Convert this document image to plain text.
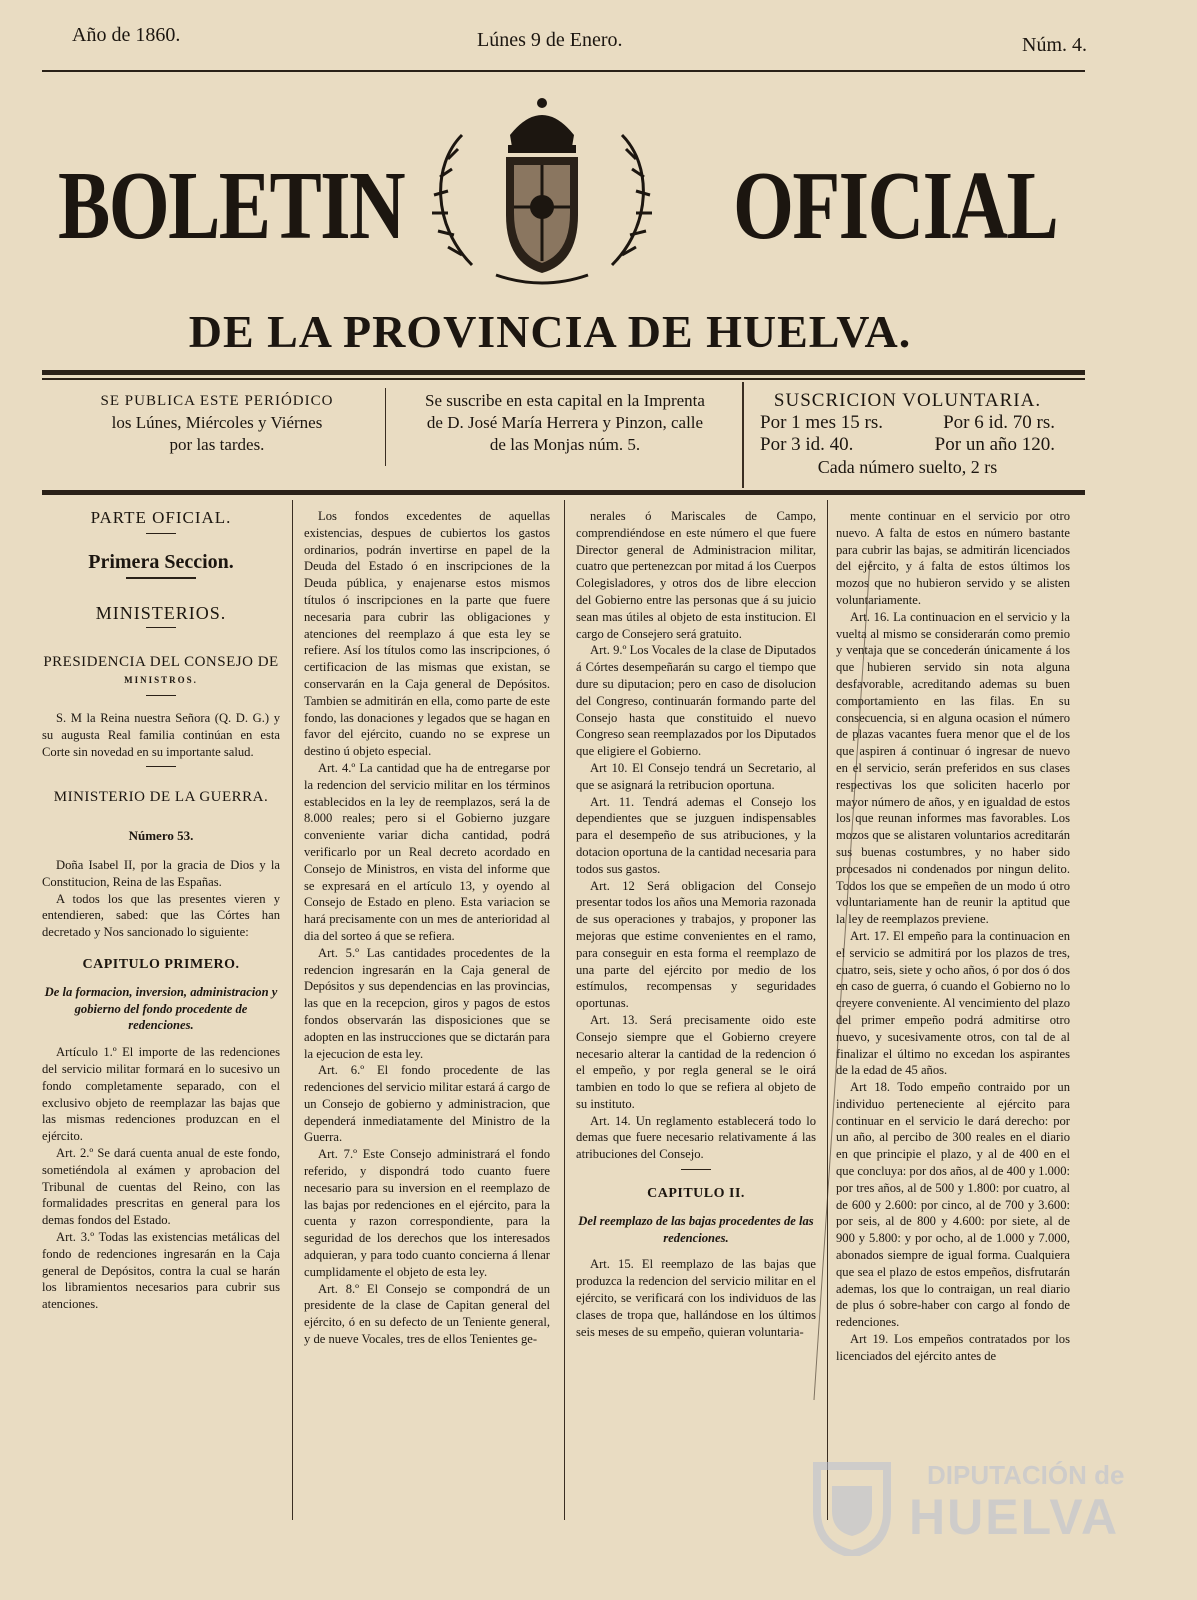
Año de 1860.	Lúnes 9 de Enero.	Núm. 4.
BOLETIN	OFICIAL
DE LA PROVINCIA DE HUELVA.
SE PUBLICA ESTE PERIÓDICO
los Lúnes, Miércoles y Viérnes
por las tardes.
Se suscribe en esta capital en la Imprenta
de D. José María Herrera y Pinzon, calle
de las Monjas núm. 5.
SUSCRICION VOLUNTARIA.
Por 1 mes 15 rs.	Por 6 id. 70 rs.
Por 3 id. 40.	Por un año 120.
Cada número suelto, 2 rs
PARTE OFICIAL.
Primera Seccion.
MINISTERIOS.
PRESIDENCIA DEL CONSEJO DE
MINISTROS.

S. M la Reina nuestra Señora (Q. D. G.) y su augusta Real familia continúan en esta Corte sin novedad en su importante salud.

MINISTERIO DE LA GUERRA.
Número 53.

Doña Isabel II, por la gracia de Dios y la Constitucion, Reina de las Españas.

A todos los que las presentes vieren y entendieren, sabed: que las Córtes han decretado y Nos sancionado lo siguiente:

CAPITULO PRIMERO.
De la formacion, inversion, administracion y gobierno del fondo procedente de redenciones.

Artículo 1.º El importe de las redenciones del servicio militar formará en lo sucesivo un fondo completamente separado, con el exclusivo objeto de reemplazar las bajas que las mismas redenciones produzcan en el ejército.

Art. 2.º Se dará cuenta anual de este fondo, sometiéndola al exámen y aprobacion del Tribunal de cuentas del Reino, con las formalidades prescritas en general para los demas fondos del Estado.

Art. 3.º Todas las existencias metálicas del fondo de redenciones ingresarán en la Caja general de Depósitos, contra la cual se harán los libramientos necesarios para cubrir sus atenciones.

Los fondos excedentes de aquellas existencias, despues de cubiertos los gastos ordinarios, podrán invertirse en papel de la Deuda del Estado ó en inscripciones de la Deuda pública, y enajenarse estos mismos títulos ó inscripciones en la parte que fuere necesaria para cubrir las obligaciones y atenciones del reemplazo á que esta ley se refiere. Así los títulos como las inscripciones, ó certificacion de las mismas que existan, se conservarán en la Caja general de Depósitos. Tambien se admitirán en ella, como parte de este fondo, las donaciones y legados que se hagan en favor del ejército, cuando no se exprese un destino ú objeto especial.

Art. 4.º La cantidad que ha de entregarse por la redencion del servicio militar en los términos establecidos en la ley de reemplazos, será la de 8.000 reales; pero si el Gobierno juzgare conveniente variar dicha cantidad, podrá verificarlo por un Real decreto acordado en Consejo de Ministros, en vista del informe que se expresará en el artículo 13, y oyendo al Consejo de Estado en pleno. Esta variacion se hará precisamente con un mes de anterioridad al dia del sorteo á que se refiera.

Art. 5.º Las cantidades procedentes de la redencion ingresarán en la Caja general de Depósitos y sus dependencias en las provincias, las que en la recepcion, giros y pagos de estos fondos observarán las disposiciones que se adopten en las instrucciones que se dictarán para la ejecucion de esta ley.

Art. 6.º El fondo procedente de las redenciones del servicio militar estará á cargo de un Consejo de gobierno y administracion, que dependerá inmediatamente del Ministro de la Guerra.

Art. 7.º Este Consejo administrará el fondo referido, y dispondrá todo cuanto fuere necesario para su inversion en el reemplazo de las bajas por redenciones en el ejército, para la cuenta y razon correspondiente, para la seguridad de los derechos que los interesados adquieran, y para todo cuanto concierna á llenar cumplidamente el objeto de esta ley.

Art. 8.º El Consejo se compondrá de un presidente de la clase de Capitan general del ejército, ó en su defecto de un Teniente general, y de nueve Vocales, tres de ellos Tenientes ge-

nerales ó Mariscales de Campo, comprendiéndose en este número el que fuere Director general de Administracion militar, cuatro que pertenezcan por mitad á los Cuerpos Colegisladores, y otros dos de libre eleccion del Gobierno entre las personas que á su juicio sean mas útiles al objeto de esta institucion. El cargo de Consejero será gratuito.

Art. 9.º Los Vocales de la clase de Diputados á Córtes desempeñarán su cargo el tiempo que dure su diputacion; pero en caso de disolucion del Congreso, continuarán formando parte del Consejo hasta que constituido el nuevo Congreso sean reemplazados por los Diputados que eligiere el Gobierno.

Art 10. El Consejo tendrá un Secretario, al que se asignará la retribucion oportuna.

Art. 11. Tendrá ademas el Consejo los dependientes que se juzguen indispensables para el desempeño de sus atribuciones, y la dotacion oportuna de la cantidad necesaria para todos sus gastos.

Art. 12 Será obligacion del Consejo presentar todos los años una Memoria razonada de sus operaciones y trabajos, y proponer las mejoras que estime convenientes en el ramo, para conseguir en esta forma el reemplazo de una parte del ejército por medio de los estímulos, recompensas y seguridades oportunas.

Art. 13. Será precisamente oido este Consejo siempre que el Gobierno creyere necesario alterar la cantidad de la redencion ó el empeño, y por regla general se le oirá tambien en todo lo que se refiera al objeto de su instituto.

Art. 14. Un reglamento establecerá todo lo demas que fuere necesario relativamente á las atribuciones del Consejo.

CAPITULO II.
Del reemplazo de las bajas procedentes de las redenciones.

Art. 15. El reemplazo de las bajas que produzca la redencion del servicio militar en el ejército, se verificará con los individuos de las clases de tropa que, hallándose en los últimos seis meses de su empeño, quieran voluntaria-

mente continuar en el servicio por otro nuevo. A falta de estos en número bastante para cubrir las bajas, se admitirán licenciados del ejército, y á falta de estos últimos los mozos que no hubieron servido y se alisten voluntariamente.

Art. 16. La continuacion en el servicio y la vuelta al mismo se considerarán como premio y ventaja que se concederán únicamente á los que hubieren servido sin nota alguna desfavorable, acreditando ademas su buen comportamiento en las filas. En su consecuencia, si en alguna ocasion el número de plazas vacantes fuera menor que el de los que aspiren á continuar ó ingresar de nuevo en el servicio, serán preferidos en sus clases respectivas los que soliciten hacerlo por mayor número de años, y en igualdad de estos los que reunan informes mas favorables. Los mozos que se alistaren voluntarios acreditarán sus buenas costumbres, y no haber sido procesados ni condenados por ningun delito. Todos los que se empeñen de un modo ú otro voluntariamente han de reunir la aptitud que la ley de reemplazos previene.

Art. 17. El empeño para la continuacion en el servicio se admitirá por los plazos de tres, cuatro, seis, siete y ocho años, ó por dos ó dos en caso de guerra, ó cuando el Gobierno no lo creyere conveniente. Al vencimiento del plazo del primer empeño podrá admitirse otro nuevo, y sucesivamente otros, con tal de al finalizar el último no excedan los aspirantes de la edad de 45 años.

Art 18. Todo empeño contraido por un individuo perteneciente al ejército para continuar en el servicio le dará derecho: por un año, al percibo de 300 reales en el diario en que principie el plazo, y al de 400 en el que concluya: por dos años, al de 400 y 1.000: por tres años, al de 500 y 1.800: por cuatro, al de 600 y 2.600: por cinco, al de 700 y 3.600: por seis, al de 800 y 4.600: por siete, al de 900 y 5.800: y por ocho, al de 1.000 y 7.000, abonados siempre de igual forma. Cualquiera que sea el plazo de estos empeños, disfrutarán ademas, los que lo contraigan, un real diario de plus ó sobre-haber con cargo al fondo de redenciones.

Art 19. Los empeños contratados por los licenciados del ejército antes de

DIPUTACIÓN de
HUELVA
